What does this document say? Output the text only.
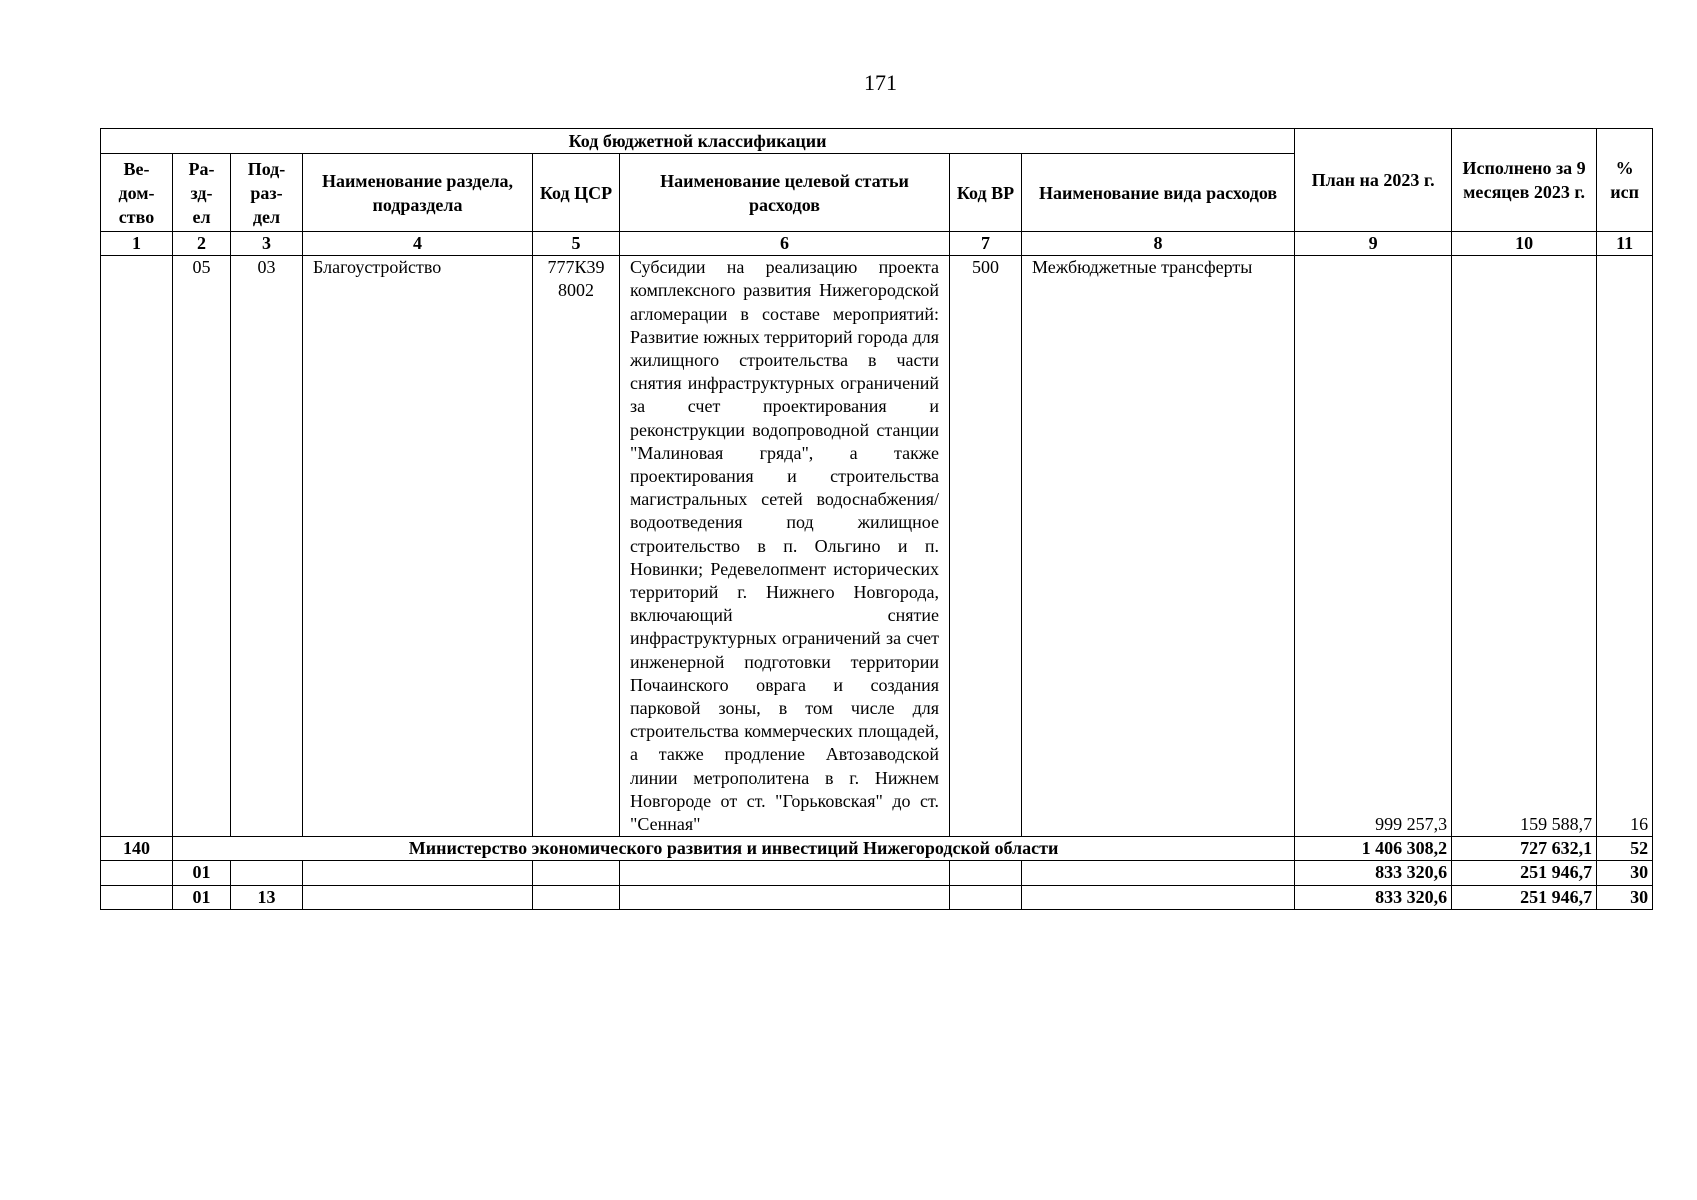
171
Код бюджетной классификации								План на 2023 г.	Исполнено за 9 месяцев 2023 г.	% исп
Ве-
дом-
ство	Ра-
зд-
ел	Под-
раз-
дел	Наименование раздела, подраздела	Код ЦСР	Наименование целевой статьи расходов	Код ВР	Наименование вида расходов			
1	2	3	4	5	6	7	8	9	10	11
	05	03	Благоустройство	777К39 8002	Субсидии на реализацию проекта комплексного развития Нижегородской агломерации в составе мероприятий: Развитие южных территорий города для жилищного строительства в части снятия инфраструктурных ограничений за счет проектирования и реконструкции водопроводной станции "Малиновая гряда", а также проектирования и строительства магистральных сетей водоснабжения/водоотведения под жилищное строительство в п. Ольгино и п. Новинки; Редевелопмент исторических территорий г. Нижнего Новгорода, включающий снятие инфраструктурных ограничений за счет инженерной подготовки территории Почаинского оврага и создания парковой зоны, в том числе для строительства коммерческих площадей, а также продление Автозаводской линии метрополитена в г. Нижнем Новгороде от ст. "Горьковская" до ст. "Сенная"	500	Межбюджетные трансферты	999 257,3	159 588,7	16
140	Министерство экономического развития и инвестиций Нижегородской области							1 406 308,2	727 632,1	52
	01							833 320,6	251 946,7	30
	01	13						833 320,6	251 946,7	30
